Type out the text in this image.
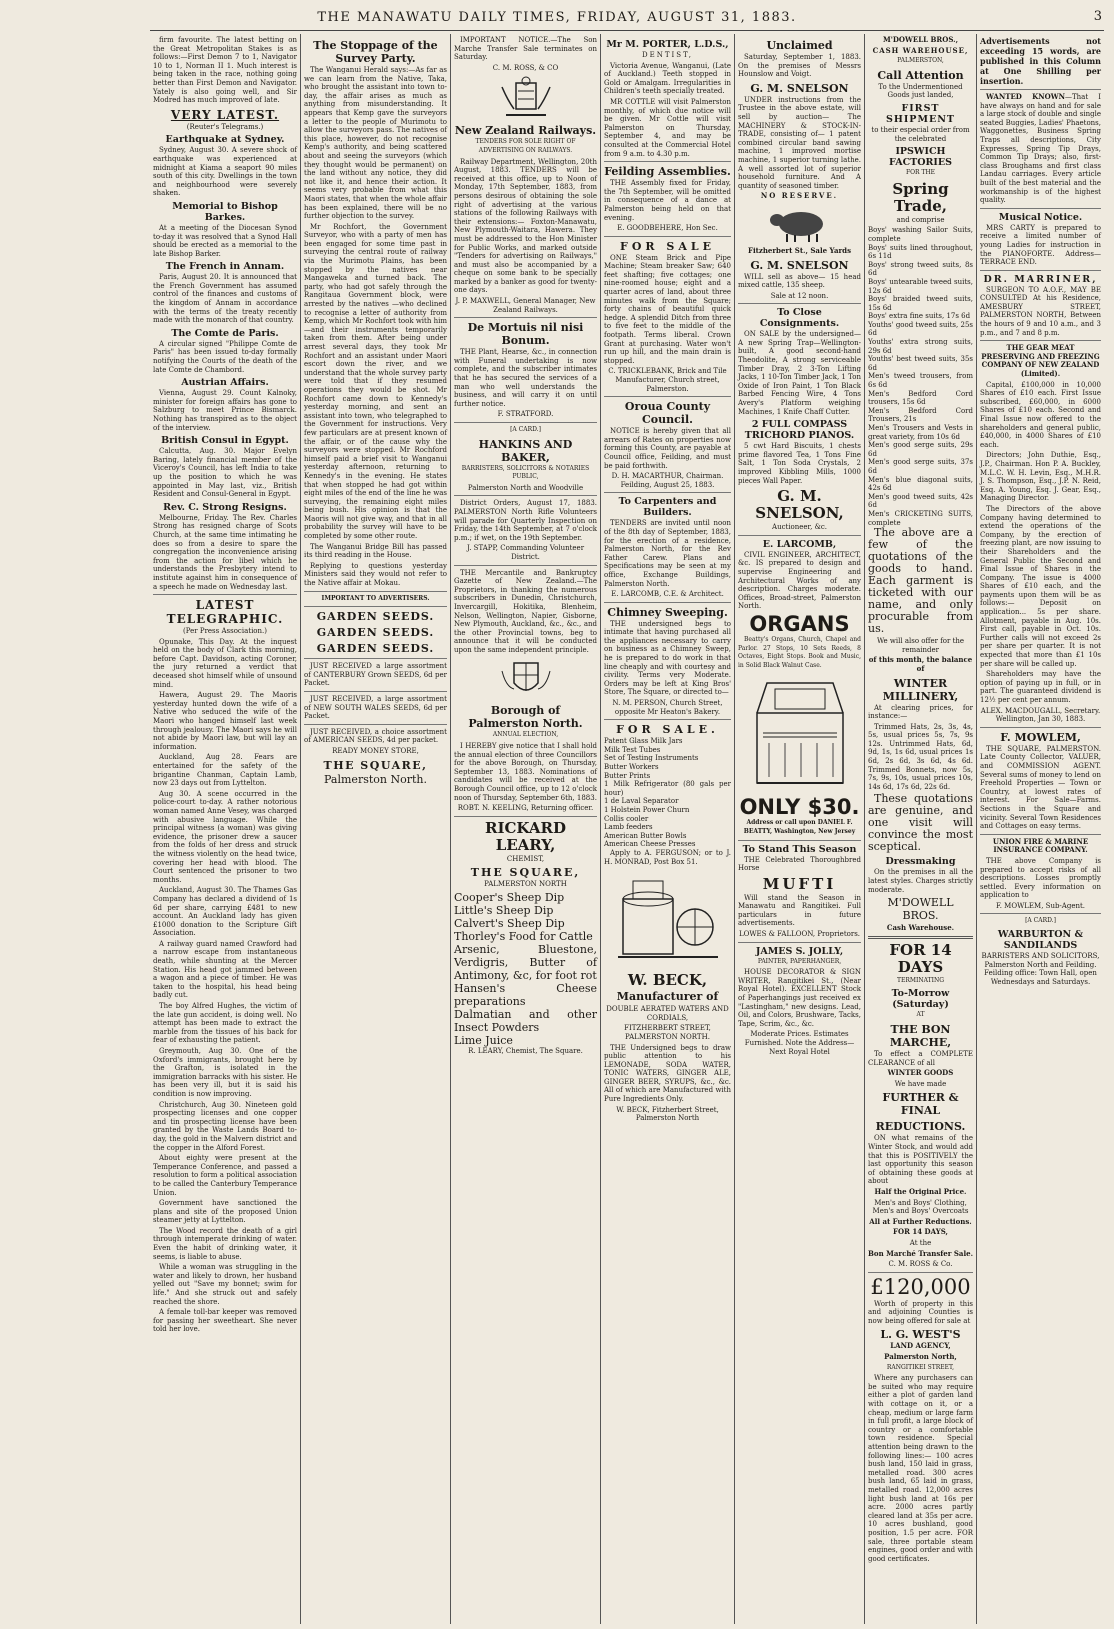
THE MANAWATU DAILY TIMES, FRIDAY, AUGUST 31, 1883.	3

firm favourite. The latest betting on the Great Metropolitan Stakes is as follows:—First Demon 7 to 1, Navigator 10 to 1, Norman II 1. Much interest is being taken in the race, nothing going better than First Demon and Navigator. Yately is also going well, and Sir Modred has much improved of late.

VERY LATEST.

(Reuter's Telegrams.)

Earthquake at Sydney.

Sydney, August 30. A severe shock of earthquake was experienced at midnight at Kiama a seaport 90 miles south of this city. Dwellings in the town and neighbourhood were severely shaken.

Memorial to Bishop Barkes.

At a meeting of the Diocesan Synod to-day it was resolved that a Synod Hall should be erected as a memorial to the late Bishop Barker.

The French in Annam.

Paris, August 20. It is announced that the French Government has assumed control of the finances and customs of the kingdom of Annam in accordance with the terms of the treaty recently made with the monarch of that country.

The Comte de Paris.

A circular signed "Philippe Comte de Paris" has been issued to-day formally notifying the Courts of the death of the late Comte de Chambord.

Austrian Affairs.

Vienna, August 29. Count Kalnoky, minister for foreign affairs has gone to Salzburg to meet Prince Bismarck. Nothing has transpired as to the object of the interview.

British Consul in Egypt.

Calcutta, Aug. 30. Major Evelyn Baring, lately financial member of the Viceroy's Council, has left India to take up the position to which he was appointed in May last, viz., British Resident and Consul-General in Egypt.

Rev. C. Strong Resigns.

Melbourne, Friday. The Rev. Charles Strong has resigned charge of Scots Church, at the same time intimating he does so from a desire to spare the congregation the inconvenience arising from the action for libel which he understands the Presbytery intend to institute against him in consequence of a speech he made on Wednesday last.

LATEST TELEGRAPHIC.

(Per Press Association.)

Opunake, This Day. At the inquest held on the body of Clark this morning, before Capt. Davidson, acting Coroner, the jury returned a verdict that deceased shot himself while of unsound mind.

Hawera, August 29. The Maoris yesterday hunted down the wife of a Native who seduced the wife of the Maori who hanged himself last week through jealousy. The Maori says he will not abide by Maori law, but will lay an information.

Auckland, Aug 28. Fears are entertained for the safety of the brigantine Chanman, Captain Lamb, now 23 days out from Lyttelton.

Aug 30. A scene occurred in the police-court to-day. A rather notorious woman named Anne Vesey, was charged with abusive language. While the principal witness (a woman) was giving evidence, the prisoner drew a saucer from the folds of her dress and struck the witness violently on the head twice, covering her head with blood. The Court sentenced the prisoner to two months.

Auckland, August 30. The Thames Gas Company has declared a dividend of 1s 6d per share, carrying £481 to new account. An Auckland lady has given £1000 donation to the Scripture Gift Association.

A railway guard named Crawford had a narrow escape from instantaneous death, while shunting at the Mercer Station. His head got jammed between a wagon and a piece of timber. He was taken to the hospital, his head being badly cut.

The boy Alfred Hughes, the victim of the late gun accident, is doing well. No attempt has been made to extract the marble from the tissues of his back for fear of exhausting the patient.

Greymouth, Aug 30. One of the Oxford's immigrants, brought here by the Grafton, is isolated in the immigration barracks with his sister. He has been very ill, but it is said his condition is now improving.

Christchurch, Aug 30. Nineteen gold prospecting licenses and one copper and tin prospecting license have been granted by the Waste Lands Board to-day, the gold in the Malvern district and the copper in the Alford Forest.

About eighty were present at the Temperance Conference, and passed a resolution to form a political association to be called the Canterbury Temperance Union.

Government have sanctioned the plans and site of the proposed Union steamer jetty at Lyttelton.

The Wood record the death of a girl through intemperate drinking of water. Even the habit of drinking water, it seems, is liable to abuse.

While a woman was struggling in the water and likely to drown, her husband yelled out "Save my bonnet; swim for life." And she struck out and safely reached the shore.

A female toll-bar keeper was removed for passing her sweetheart. She never told her love.

The Stoppage of the Survey Party.

The Wanganui Herald says:—As far as we can learn from the Native, Taka, who brought the assistant into town to-day, the affair arises as much as anything from misunderstanding. It appears that Kemp gave the surveyors a letter to the people of Murimotu to allow the surveyors pass. The natives of this place, however, do not recognise Kemp's authority, and being scattered about and seeing the surveyors (which they thought would be permanent) on the land without any notice, they did not like it, and hence their action. It seems very probable from what this Maori states, that when the whole affair has been explained, there will be no further objection to the survey.

Mr Rochfort, the Government Surveyor, who with a party of men has been engaged for some time past in surveying the central route of railway via the Murimotu Plains, has been stopped by the natives near Mangaweka and turned back. The party, who had got safely through the Rangitaua Government block, were arrested by the natives —who declined to recognise a letter of authority from Kemp, which Mr Rochfort took with him—and their instruments temporarily taken from them. After being under arrest several days, they took Mr Rochfort and an assistant under Maori escort down the river, and we understand that the whole survey party were told that if they resumed operations they would be shot. Mr Rochfort came down to Kennedy's yesterday morning, and sent an assistant into town, who telegraphed to the Government for instructions. Very few particulars are at present known of the affair, or of the cause why the surveyors were stopped. Mr Rochford himself paid a brief visit to Wanganui yesterday afternoon, returning to Kennedy's in the evening. He states that when stopped he had got within eight miles of the end of the line he was surveying, the remaining eight miles being bush. His opinion is that the Maoris will not give way, and that in all probability the survey will have to be completed by some other route.

The Wanganui Bridge Bill has passed its third reading in the House.

Replying to questions yesterday Ministers said they would not refer to the Native affair at Mokau.

IMPORTANT TO ADVERTISERS.

GARDEN SEEDS.
GARDEN SEEDS.
GARDEN SEEDS.

JUST RECEIVED a large assortment of CANTERBURY Grown SEEDS, 6d per Packet.

JUST RECEIVED, a large assortment of NEW SOUTH WALES SEEDS, 6d per Packet.

JUST RECEIVED, a choice assortment of AMERICAN SEEDS, 4d per packet.

READY MONEY STORE,

THE SQUARE,

Palmerston North.

IMPORTANT NOTICE.—The Son Marche Transfer Sale terminates on Saturday.

C. M. ROSS, & CO

New Zealand Railways.

TENDERS FOR SOLE RIGHT OF ADVERTISING ON RAILWAYS.

Railway Department, Wellington, 20th August, 1883. TENDERS will be received at this office, up to Noon of Monday, 17th September, 1883, from persons desirous of obtaining the sole right of advertising at the various stations of the following Railways with their extensions:— Foxton-Manawatu, New Plymouth-Waitara, Hawera. They must be addressed to the Hon Minister for Public Works, and marked outside "Tenders for advertising on Railways," and must also be accompanied by a cheque on some bank to be specially marked by a banker as good for twenty-one days.

J. P. MAXWELL, General Manager, New Zealand Railways.

De Mortuis nil nisi Bonum.

THE Plant, Hearse, &c., in connection with Funeral undertaking is now complete, and the subscriber intimates that he has secured the services of a man who well understands the business, and will carry it on until further notice.

F. STRATFORD.

[A CARD.]

HANKINS AND BAKER,

BARRISTERS, SOLICITORS & NOTARIES PUBLIC,

Palmerston North and Woodville

District Orders, August 17, 1883. PALMERSTON North Rifle Volunteers will parade for Quarterly Inspection on Friday, the 14th September, at 7 o'clock p.m.; if wet, on the 19th September.

J. STAPP, Commanding Volunteer District.

THE Mercantile and Bankruptcy Gazette of New Zealand.—The Proprietors, in thanking the numerous subscribers in Dunedin, Christchurch, Invercargill, Hokitika, Blenheim, Nelson, Wellington, Napier, Gisborne, New Plymouth, Auckland, &c., &c., and the other Provincial towns, beg to announce that it will be conducted upon the same independent principle.

Borough of Palmerston North.

ANNUAL ELECTION,

I HEREBY give notice that I shall hold the annual election of three Councillors for the above Borough, on Thursday, September 13, 1883. Nominations of candidates will be received at the Borough Council office, up to 12 o'clock noon of Thursday, September 6th, 1883.

ROBT. N. KEELING, Returning officer.

RICKARD LEARY,

CHEMIST,

THE SQUARE,

PALMERSTON NORTH

Cooper's Sheep Dip

Little's Sheep Dip

Calvert's Sheep Dip

Thorley's Food for Cattle

Arsenic, Bluestone, Verdigris, Butter of Antimony, &c, for foot rot

Hansen's Cheese preparations

Dalmatian and other Insect Powders

Lime Juice

R. LEARY, Chemist, The Square.

Mr M. PORTER, L.D.S.,

DENTIST,

Victoria Avenue, Wanganui, (Late of Auckland.) Teeth stopped in Gold or Amalgam. Irregularities in Children's teeth specially treated.

MR COTTLE will visit Palmerston monthly, of which due notice will be given. Mr Cottle will visit Palmerston on Thursday, September 4, and may be consulted at the Commercial Hotel from 9 a.m. to 4.30 p.m.

Feilding Assemblies.

THE Assembly fixed for Friday, the 7th September, will be omitted in consequence of a dance at Palmerston being held on that evening.

E. GOODBEHERE, Hon Sec.

FOR SALE

ONE Steam Brick and Pipe Machine; Steam breaker Saw; 640 feet shafting; five cottages; one nine-roomed house; eight and a quarter acres of land, about three minutes walk from the Square; forty chains of beautiful quick hedge. A splendid Ditch from three to five feet to the middle of the footpath. Terms liberal. Crown Grant at purchasing. Water won't run up hill, and the main drain is stopped.

C. TRICKLEBANK, Brick and Tile Manufacturer, Church street, Palmerston.

Oroua County Council.

NOTICE is hereby given that all arrears of Rates on properties now forming this County, are payable at Council office, Feilding, and must be paid forthwith.

D. H. MACARTHUR, Chairman. Feilding, August 25, 1883.

To Carpenters and Builders.

TENDERS are invited until noon of the 8th day of September, 1883, for the erection of a residence, Palmerston North, for the Rev Father Carew. Plans and Specifications may be seen at my office, Exchange Buildings, Palmerston North.

E. LARCOMB, C.E. & Architect.

Chimney Sweeping.

THE undersigned begs to intimate that having purchased all the appliances necessary to carry on business as a Chimney Sweep, he is prepared to do work in that line cheaply and with courtesy and civility. Terms very Moderate. Orders may be left at King Bros' Store, The Square, or directed to—

N. M. PERSON, Church Street, opposite Mr Heaton's Bakery.

FOR SALE.

Patent Glass Milk Jars

Milk Test Tubes

Set of Testing Instruments

Butter Workers

Butter Prints

1 Milk Refrigerator (80 gals per hour)

1 de Laval Separator

1 Holstein Power Churn

Collis cooler

Lamb feeders

American Butter Bowls

American Cheese Presses

Apply to A. FERGUSON; or to J. H. MONRAD, Post Box 51.

W. BECK,

Manufacturer of

DOUBLE AERATED WATERS AND CORDIALS,

FITZHERBERT STREET, PALMERSTON NORTH.

THE Undersigned begs to draw public attention to his LEMONADE, SODA WATER, TONIC WATERS, GINGER ALE, GINGER BEER, SYRUPS, &c., &c. All of which are Manufactured with Pure Ingredients Only.

W. BECK, Fitzherbert Street, Palmerston North

Unclaimed

Saturday, September 1, 1883. On the premises of Messrs Hounslow and Voigt.

G. M. SNELSON

UNDER instructions from the Trustee in the above estate, will sell by auction— The MACHINERY & STOCK-IN-TRADE, consisting of— 1 patent combined circular band sawing machine, 1 improved mortise machine, 1 superior turning lathe. A well assorted lot of superior household furniture. And A quantity of seasoned timber.

NO RESERVE.

Fitzherbert St., Sale Yards

G. M. SNELSON

WILL sell as above— 15 head mixed cattle, 135 sheep.

Sale at 12 noon.

To Close Consignments.

ON SALE by the undersigned— A new Spring Trap—Wellington-built, A good second-hand Theodolite, A strong serviceable Timber Dray, 2 3-Ton Lifting Jacks, 1 10-Ton Timber Jack, 1 Ton Oxide of Iron Paint, 1 Ton Black Barbed Fencing Wire, 4 Tons Avery's Platform weighing Machines, 1 Knife Chaff Cutter.

2 FULL COMPASS TRICHORD PIANOS.

5 cwt Hard Biscuits, 1 chests prime flavored Tea, 1 Tons Fine Salt, 1 Ton Soda Crystals, 2 improved Kibbling Mills, 1000 pieces Wall Paper.

G. M. SNELSON,

Auctioneer, &c.

E. LARCOMB,

CIVIL ENGINEER, ARCHITECT, &c. IS prepared to design and supervise Engineering and Architectural Works of any description. Charges moderate. Offices, Broad-street, Palmerston North.

ORGANS

Beatty's Organs, Church, Chapel and Parlor. 27 Stops, 10 Sets Reeds, 8 Octaves, Eight Stops. Book and Music, in Solid Black Walnut Case.

ONLY $30.

Address or call upon DANIEL F. BEATTY, Washington, New Jersey

To Stand This Season

THE Celebrated Thoroughbred Horse

MUFTI

Will stand the Season in Manawatu and Rangitikei. Full particulars in future advertisements.

LOWES & FALLOON, Proprietors.

JAMES S. JOLLY,

PAINTER, PAPERHANGER,

HOUSE DECORATOR & SIGN WRITER, Rangitikei St., (Near Royal Hotel). EXCELLENT Stock of Paperhangings just received ex "Lastingham," new designs. Lead, Oil, and Colors, Brushware, Tacks, Tape, Scrim, &c., &c.

Moderate Prices. Estimates Furnished. Note the Address—Next Royal Hotel

M'DOWELL BROS.,

CASH WAREHOUSE,

PALMERSTON,

Call Attention

To the Undermentioned Goods just landed,

FIRST SHIPMENT

to their especial order from the celebrated

IPSWICH FACTORIES

FOR THE

Spring Trade,

and comprise

Boys' washing Sailor Suits, complete

Boys' suits lined throughout, 6s 11d

Boys' strong tweed suits, 8s 6d

Boys' untearable tweed suits, 12s 6d

Boys' braided tweed suits, 15s 6d

Boys' extra fine suits, 17s 6d

Youths' good tweed suits, 25s 6d

Youths' extra strong suits, 29s 6d

Youths' best tweed suits, 35s 6d

Men's tweed trousers, from 6s 6d

Men's Bedford Cord trousers, 15s 6d

Men's Bedford Cord Trousers, 21s

Men's Trousers and Vests in great variety, from 10s 6d

Men's good serge suits, 29s 6d

Men's good serge suits, 37s 6d

Men's blue diagonal suits, 42s 6d

Men's good tweed suits, 42s 6d

Men's CRICKETING SUITS, complete

The above are a few of the quotations of the goods to hand. Each garment is ticketed with our name, and only procurable from us.

We will also offer for the remainder

of this month, the balance of

WINTER MILLINERY,

At clearing prices, for instance:—

Trimmed Hats, 2s, 3s, 4s, 5s, usual prices 5s, 7s, 9s 12s. Untrimmed Hats, 6d, 9d, 1s, 1s 6d, usual prices 1s 6d, 2s 6d, 3s 6d, 4s 6d. Trimmed Bonnets, now 5s, 7s, 9s, 10s, usual prices 10s, 14s 6d, 17s 6d, 22s 6d.

These quotations are genuine, and one visit will convince the most sceptical.

Dressmaking

On the premises in all the latest styles. Charges strictly moderate.

M'DOWELL BROS.

Cash Warehouse.

FOR 14 DAYS

TERMINATING

To-Morrow (Saturday)

AT

THE BON MARCHE,

To effect a COMPLETE CLEARANCE of all

WINTER GOODS

We have made

FURTHER & FINAL
REDUCTIONS.

ON what remains of the Winter Stock, and would add that this is POSITIVELY the last opportunity this season of obtaining these goods at about

Half the Original Price.

Men's and Boys' Clothing, Men's and Boys' Overcoats

All at Further Reductions.

FOR 14 DAYS,

At the

Bon Marché Transfer Sale.

C. M. ROSS & Co.

£120,000

Worth of property in this and adjoining Counties is now being offered for sale at

L. G. WEST'S

LAND AGENCY,

Palmerston North,

RANGITIKEI STREET,

Where any purchasers can be suited who may require either a plot of garden land with cottage on it, or a cheap, medium or large farm in full profit, a large block of country or a comfortable town residence. Special attention being drawn to the following lines:— 100 acres bush land, 150 laid in grass, metalled road. 300 acres bush land, 65 laid in grass, metalled road. 12,000 acres light bush land at 16s per acre. 2000 acres partly cleared land at 35s per acre. 10 acres bushland, good position, 1.5 per acre. FOR sale, three portable steam engines, good order and with good certificates.

Advertisements not exceeding 15 words, are published in this Column at One Shilling per insertion.

WANTED KNOWN—That I have always on hand and for sale a large stock of double and single seated Buggies, Ladies' Phaetons, Waggonettes, Business Spring Traps all descriptions, City Expresses, Spring Tip Drays, Common Tip Drays; also, first-class Broughams and first class Landau carriages. Every article built of the best material and the workmanship is of the highest quality.

Musical Notice.

MRS CARTY is prepared to receive a limited number of young Ladies for instruction in the PIANOFORTE. Address— TERRACE END.

DR. MARRINER,

SURGEON TO A.O.F., MAY BE CONSULTED At his Residence, AMESBURY STREET, PALMERSTON NORTH, Between the hours of 9 and 10 a.m., and 3 p.m., and 7 and 8 p.m.

THE GEAR MEAT PRESERVING AND FREEZING COMPANY OF NEW ZEALAND (Limited).

Capital, £100,000 in 10,000 Shares of £10 each. First Issue subscribed, £60,000, in 6000 Shares of £10 each. Second and Final Issue now offered to the shareholders and general public, £40,000, in 4000 Shares of £10 each.

Directors; John Duthie, Esq., J.P., Chairman. Hon P. A. Buckley, M.L.C. W. H. Levin, Esq., M.H.R. J. S. Thompson, Esq., J.P. N. Reid, Esq. A. Young, Esq. J. Gear, Esq., Managing Director.

The Directors of the above Company having determined to extend the operations of the Company, by the erection of freezing plant, are now issuing to their Shareholders and the General Public the Second and Final Issue of Shares in the Company. The issue is 4000 Shares of £10 each, and the payments upon them will be as follows:— Deposit on application... 5s per share. Allotment, payable in Aug. 10s. First call, payable in Oct. 10s. Further calls will not exceed 2s per share per quarter. It is not expected that more than £1 10s per share will be called up.

Shareholders may have the option of paying up in full, or in part. The guaranteed dividend is 12½ per cent per annum.

ALEX. MACDOUGALL, Secretary. Wellington, Jan 30, 1883.

F. MOWLEM,

THE SQUARE, PALMERSTON. Late County Collector, VALUER, and COMMISSION AGENT. Several sums of money to lend on Freehold Properties — Town or Country, at lowest rates of interest. For Sale—Farms. Sections in the Square and vicinity. Several Town Residences and Cottages on easy terms.

UNION FIRE & MARINE INSURANCE COMPANY.

THE above Company is prepared to accept risks of all descriptions. Losses promptly settled. Every information on application to

F. MOWLEM, Sub-Agent.

[A CARD.]

WARBURTON & SANDILANDS

BARRISTERS AND SOLICITORS, Palmerston North and Feilding. Feilding office: Town Hall, open Wednesdays and Saturdays.
